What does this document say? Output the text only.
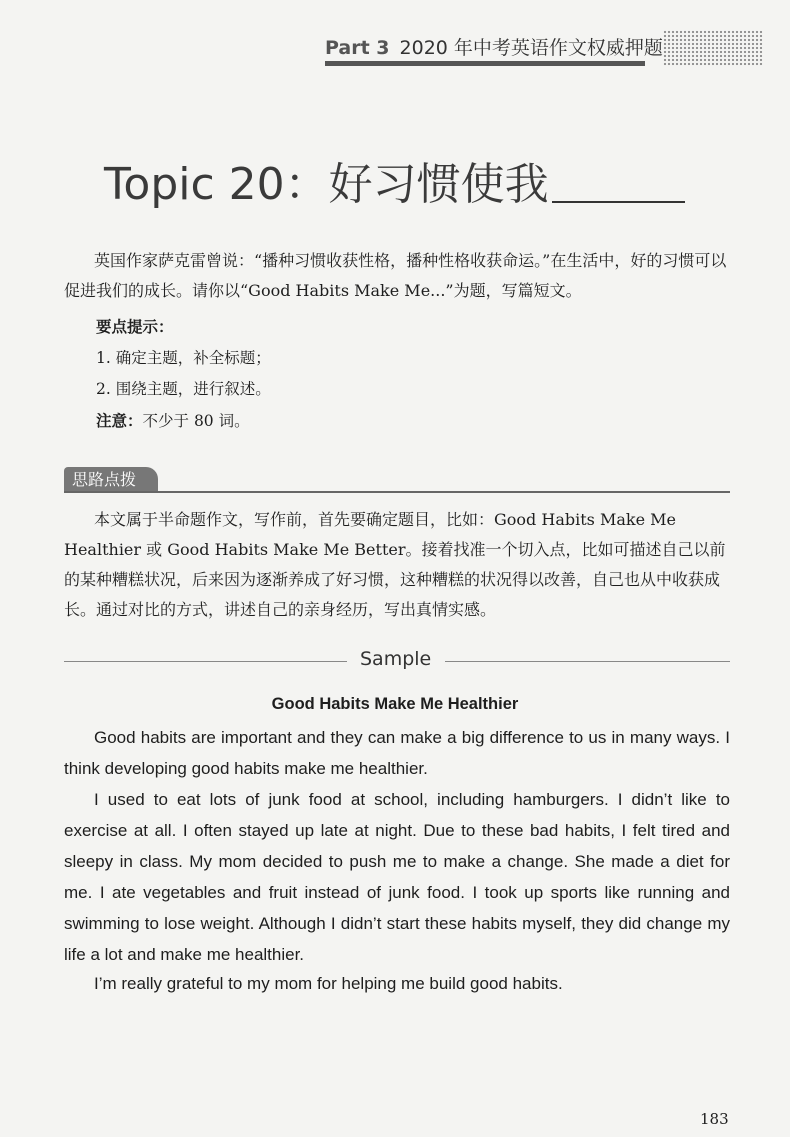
Part 3 2020 年中考英语作文权威押题
Topic 20：好习惯使我
英国作家萨克雷曾说：“播种习惯收获性格，播种性格收获命运。”在生活中，好的习惯可以促进我们的成长。请你以“Good Habits Make Me...”为题，写篇短文。
要点提示：
1. 确定主题，补全标题；
2. 围绕主题，进行叙述。
注意：不少于 80 词。
思路点拨
本文属于半命题作文，写作前，首先要确定题目，比如：Good Habits Make Me Healthier 或 Good Habits Make Me Better。接着找准一个切入点，比如可描述自己以前的某种糟糕状况，后来因为逐渐养成了好习惯，这种糟糕的状况得以改善，自己也从中收获成长。通过对比的方式，讲述自己的亲身经历，写出真情实感。
Sample
Good Habits Make Me Healthier
Good habits are important and they can make a big difference to us in many ways. I think developing good habits make me healthier.
I used to eat lots of junk food at school, including hamburgers. I didn’t like to exercise at all. I often stayed up late at night. Due to these bad habits, I felt tired and sleepy in class. My mom decided to push me to make a change. She made a diet for me. I ate vegetables and fruit instead of junk food. I took up sports like running and swimming to lose weight. Although I didn’t start these habits myself, they did change my life a lot and make me healthier.
I’m really grateful to my mom for helping me build good habits.
183
